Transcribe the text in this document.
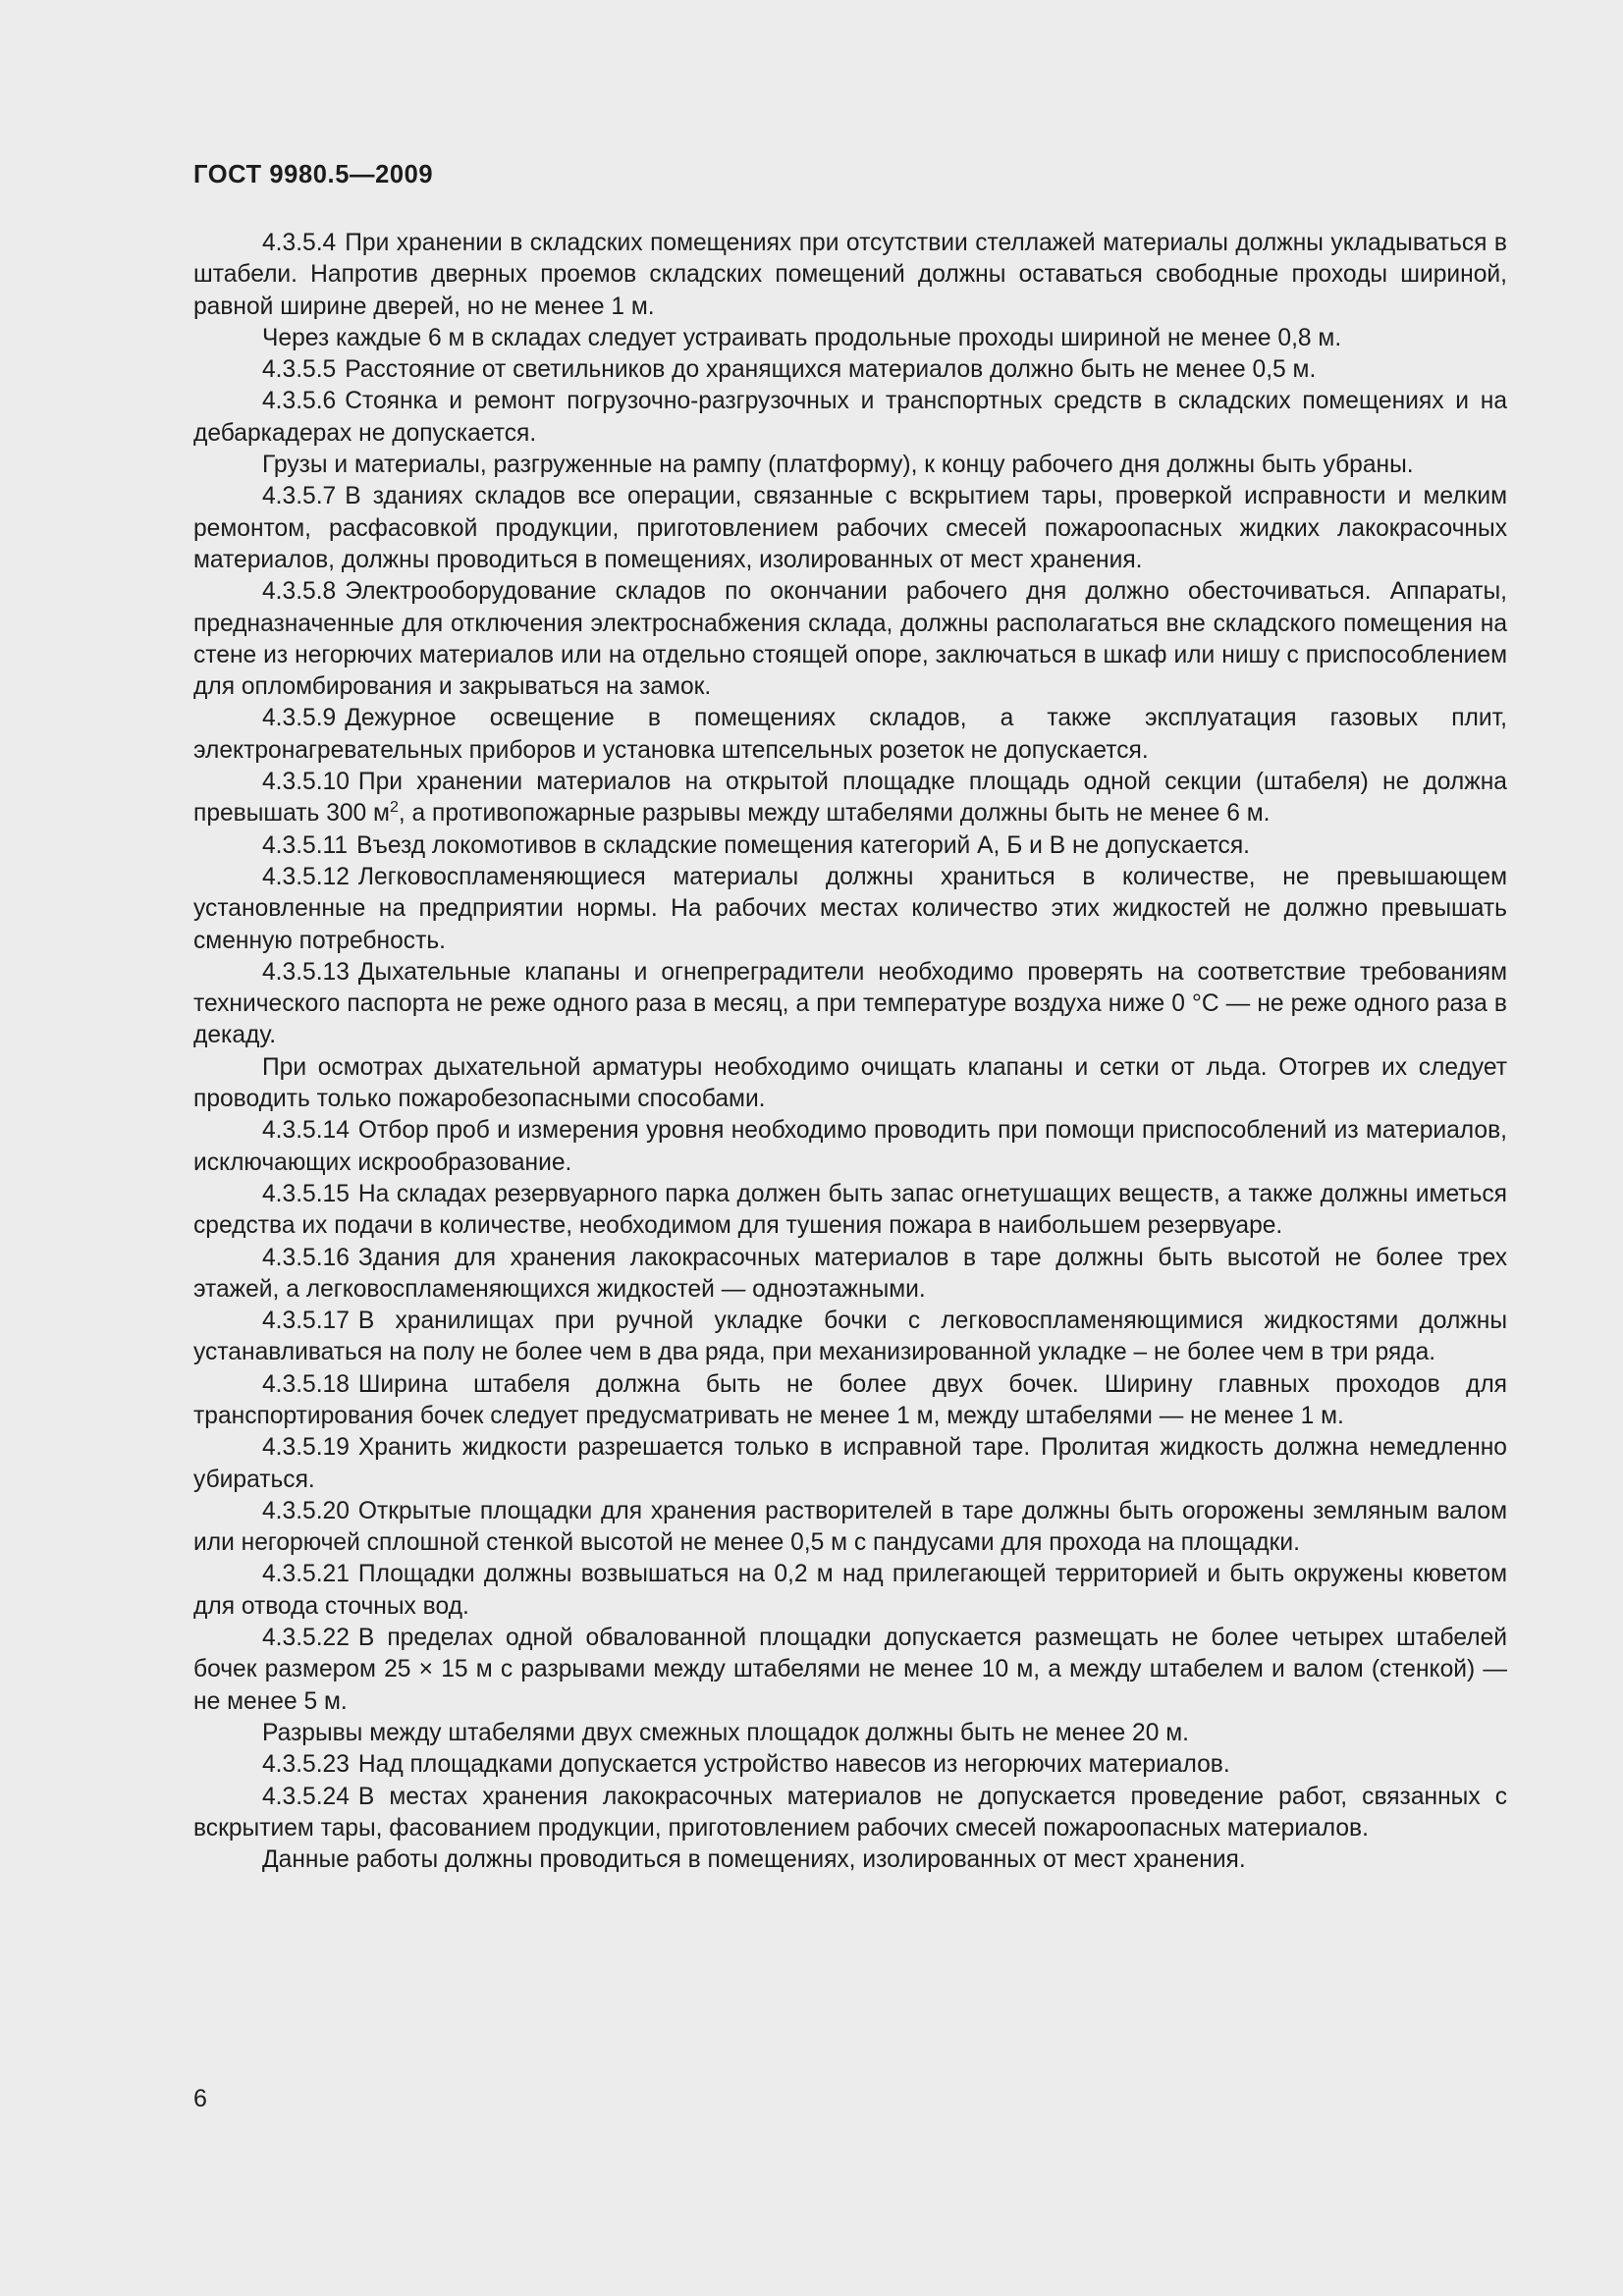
ГОСТ 9980.5—2009

4.3.5.4 При хранении в складских помещениях при отсутствии стеллажей материалы должны укладываться в штабели. Напротив дверных проемов складских помещений должны оставаться свободные проходы шириной, равной ширине дверей, но не менее 1 м.

Через каждые 6 м в складах следует устраивать продольные проходы шириной не менее 0,8 м.

4.3.5.5 Расстояние от светильников до хранящихся материалов должно быть не менее 0,5 м.

4.3.5.6 Стоянка и ремонт погрузочно-разгрузочных и транспортных средств в складских помещениях и на дебаркадерах не допускается.

Грузы и материалы, разгруженные на рампу (платформу), к концу рабочего дня должны быть убраны.

4.3.5.7 В зданиях складов все операции, связанные с вскрытием тары, проверкой исправности и мелким ремонтом, расфасовкой продукции, приготовлением рабочих смесей пожароопасных жидких лакокрасочных материалов, должны проводиться в помещениях, изолированных от мест хранения.

4.3.5.8 Электрооборудование складов по окончании рабочего дня должно обесточиваться. Аппараты, предназначенные для отключения электроснабжения склада, должны располагаться вне складского помещения на стене из негорючих материалов или на отдельно стоящей опоре, заключаться в шкаф или нишу с приспособлением для опломбирования и закрываться на замок.

4.3.5.9 Дежурное освещение в помещениях складов, а также эксплуатация газовых плит, электронагревательных приборов и установка штепсельных розеток не допускается.

4.3.5.10 При хранении материалов на открытой площадке площадь одной секции (штабеля) не должна превышать 300 $м^2$, а противопожарные разрывы между штабелями должны быть не менее 6 м.

4.3.5.11 Въезд локомотивов в складские помещения категорий А, Б и В не допускается.

4.3.5.12 Легковоспламеняющиеся материалы должны храниться в количестве, не превышающем установленные на предприятии нормы. На рабочих местах количество этих жидкостей не должно превышать сменную потребность.

4.3.5.13 Дыхательные клапаны и огнепреградители необходимо проверять на соответствие требованиям технического паспорта не реже одного раза в месяц, а при температуре воздуха ниже 0 °С — не реже одного раза в декаду.

При осмотрах дыхательной арматуры необходимо очищать клапаны и сетки от льда. Отогрев их следует проводить только пожаробезопасными способами.

4.3.5.14 Отбор проб и измерения уровня необходимо проводить при помощи приспособлений из материалов, исключающих искрообразование.

4.3.5.15 На складах резервуарного парка должен быть запас огнетушащих веществ, а также должны иметься средства их подачи в количестве, необходимом для тушения пожара в наибольшем резервуаре.

4.3.5.16 Здания для хранения лакокрасочных материалов в таре должны быть высотой не более трех этажей, а легковоспламеняющихся жидкостей — одноэтажными.

4.3.5.17 В хранилищах при ручной укладке бочки с легковоспламеняющимися жидкостями должны устанавливаться на полу не более чем в два ряда, при механизированной укладке – не более чем в три ряда.

4.3.5.18 Ширина штабеля должна быть не более двух бочек. Ширину главных проходов для транспортирования бочек следует предусматривать не менее 1 м, между штабелями — не менее 1 м.

4.3.5.19 Хранить жидкости разрешается только в исправной таре. Пролитая жидкость должна немедленно убираться.

4.3.5.20 Открытые площадки для хранения растворителей в таре должны быть огорожены земляным валом или негорючей сплошной стенкой высотой не менее 0,5 м с пандусами для прохода на площадки.

4.3.5.21 Площадки должны возвышаться на 0,2 м над прилегающей территорией и быть окружены кюветом для отвода сточных вод.

4.3.5.22 В пределах одной обвалованной площадки допускается размещать не более четырех штабелей бочек размером 25 × 15 м с разрывами между штабелями не менее 10 м, а между штабелем и валом (стенкой) — не менее 5 м.

Разрывы между штабелями двух смежных площадок должны быть не менее 20 м.

4.3.5.23 Над площадками допускается устройство навесов из негорючих материалов.

4.3.5.24 В местах хранения лакокрасочных материалов не допускается проведение работ, связанных с вскрытием тары, фасованием продукции, приготовлением рабочих смесей пожароопасных материалов.

Данные работы должны проводиться в помещениях, изолированных от мест хранения.

6
